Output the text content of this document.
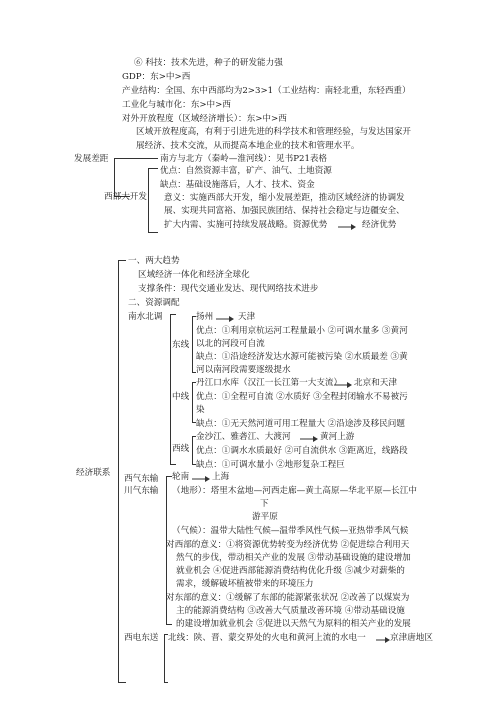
⑥ 科技：技术先进，种子的研发能力强
GDP：东>中>西
产业结构：全国、东中西部均为2>3>1（工业结构：南轻北重，东轻西重）
工业化与城市化：东>中>西
对外开放程度（区域经济增长）：东>中>西
区域开放程度高，有利于引进先进的科学技术和管理经验，与发达国家开
展经济、技术交流，从而提高本地企业的技术和管理水平。
发展差距	南方与北方（秦岭—淮河线）：见书P21表格
西部大开发
优点：自然资源丰富，矿产、油气、土地资源
缺点：基础设施落后，人才、技术、资金
意义：实施西部大开发，缩小发展差距，推动区域经济的协调发
展、实现共同富裕、加强民族团结、保持社会稳定与边疆安全、
扩大内需、实施可持续发展战略。资源优势	经济优势
经济联系
一、两大趋势
区域经济一体化和经济全球化
支撑条件：现代交通业发达、现代网络技术进步
二、资源调配
南水北调
东线
扬州	天津
优点：①利用京杭运河工程量最小 ②可调水量多 ③黄河
以北的河段可自流
缺点：①沿途经济发达水源可能被污染 ②水质最差 ③黄
河以南河段需要逐级提水
中线
丹江口水库（汉江一长江第一大支流） 北京和天津
优点：①全程可自流 ②水质好 ③全程封闭输水不易被污
染
缺点：①无天然河道可用工程量大 ②沿途涉及移民问题
西线
金沙江、雅砻江、大渡河	黄河上游
优点：①调水水质最好 ②可自流供水 ③距离近，线路段
缺点：①可调水量小 ②地形复杂工程巨
西气东输
川气东输
轮南	上海
（地形）：塔里木盆地—河西走廊—黄土高原—华北平原—长江中
下
游平原
（气候）：温带大陆性气候—温带季风性气候—亚热带季风气候
对西部的意义：①将资源优势转变为经济优势 ②促进综合利用天
然气的步伐，带动相关产业的发展 ③带动基础设施的建设增加
就业机会 ④促进西部能源消费结构优化升级 ⑤减少对薪柴的
需求，缓解破坏植被带来的环境压力
对东部的意义：①缓解了东部的能源紧张状况 ②改善了以煤炭为
主的能源消费结构 ③改善大气质量改善环境 ④带动基础设施
的建设增加就业机会 ⑤促进以天然气为原料的相关产业的发展
西电东送 北线：陕、晋、蒙交界处的火电和黄河上流的水电一	京津唐地区
